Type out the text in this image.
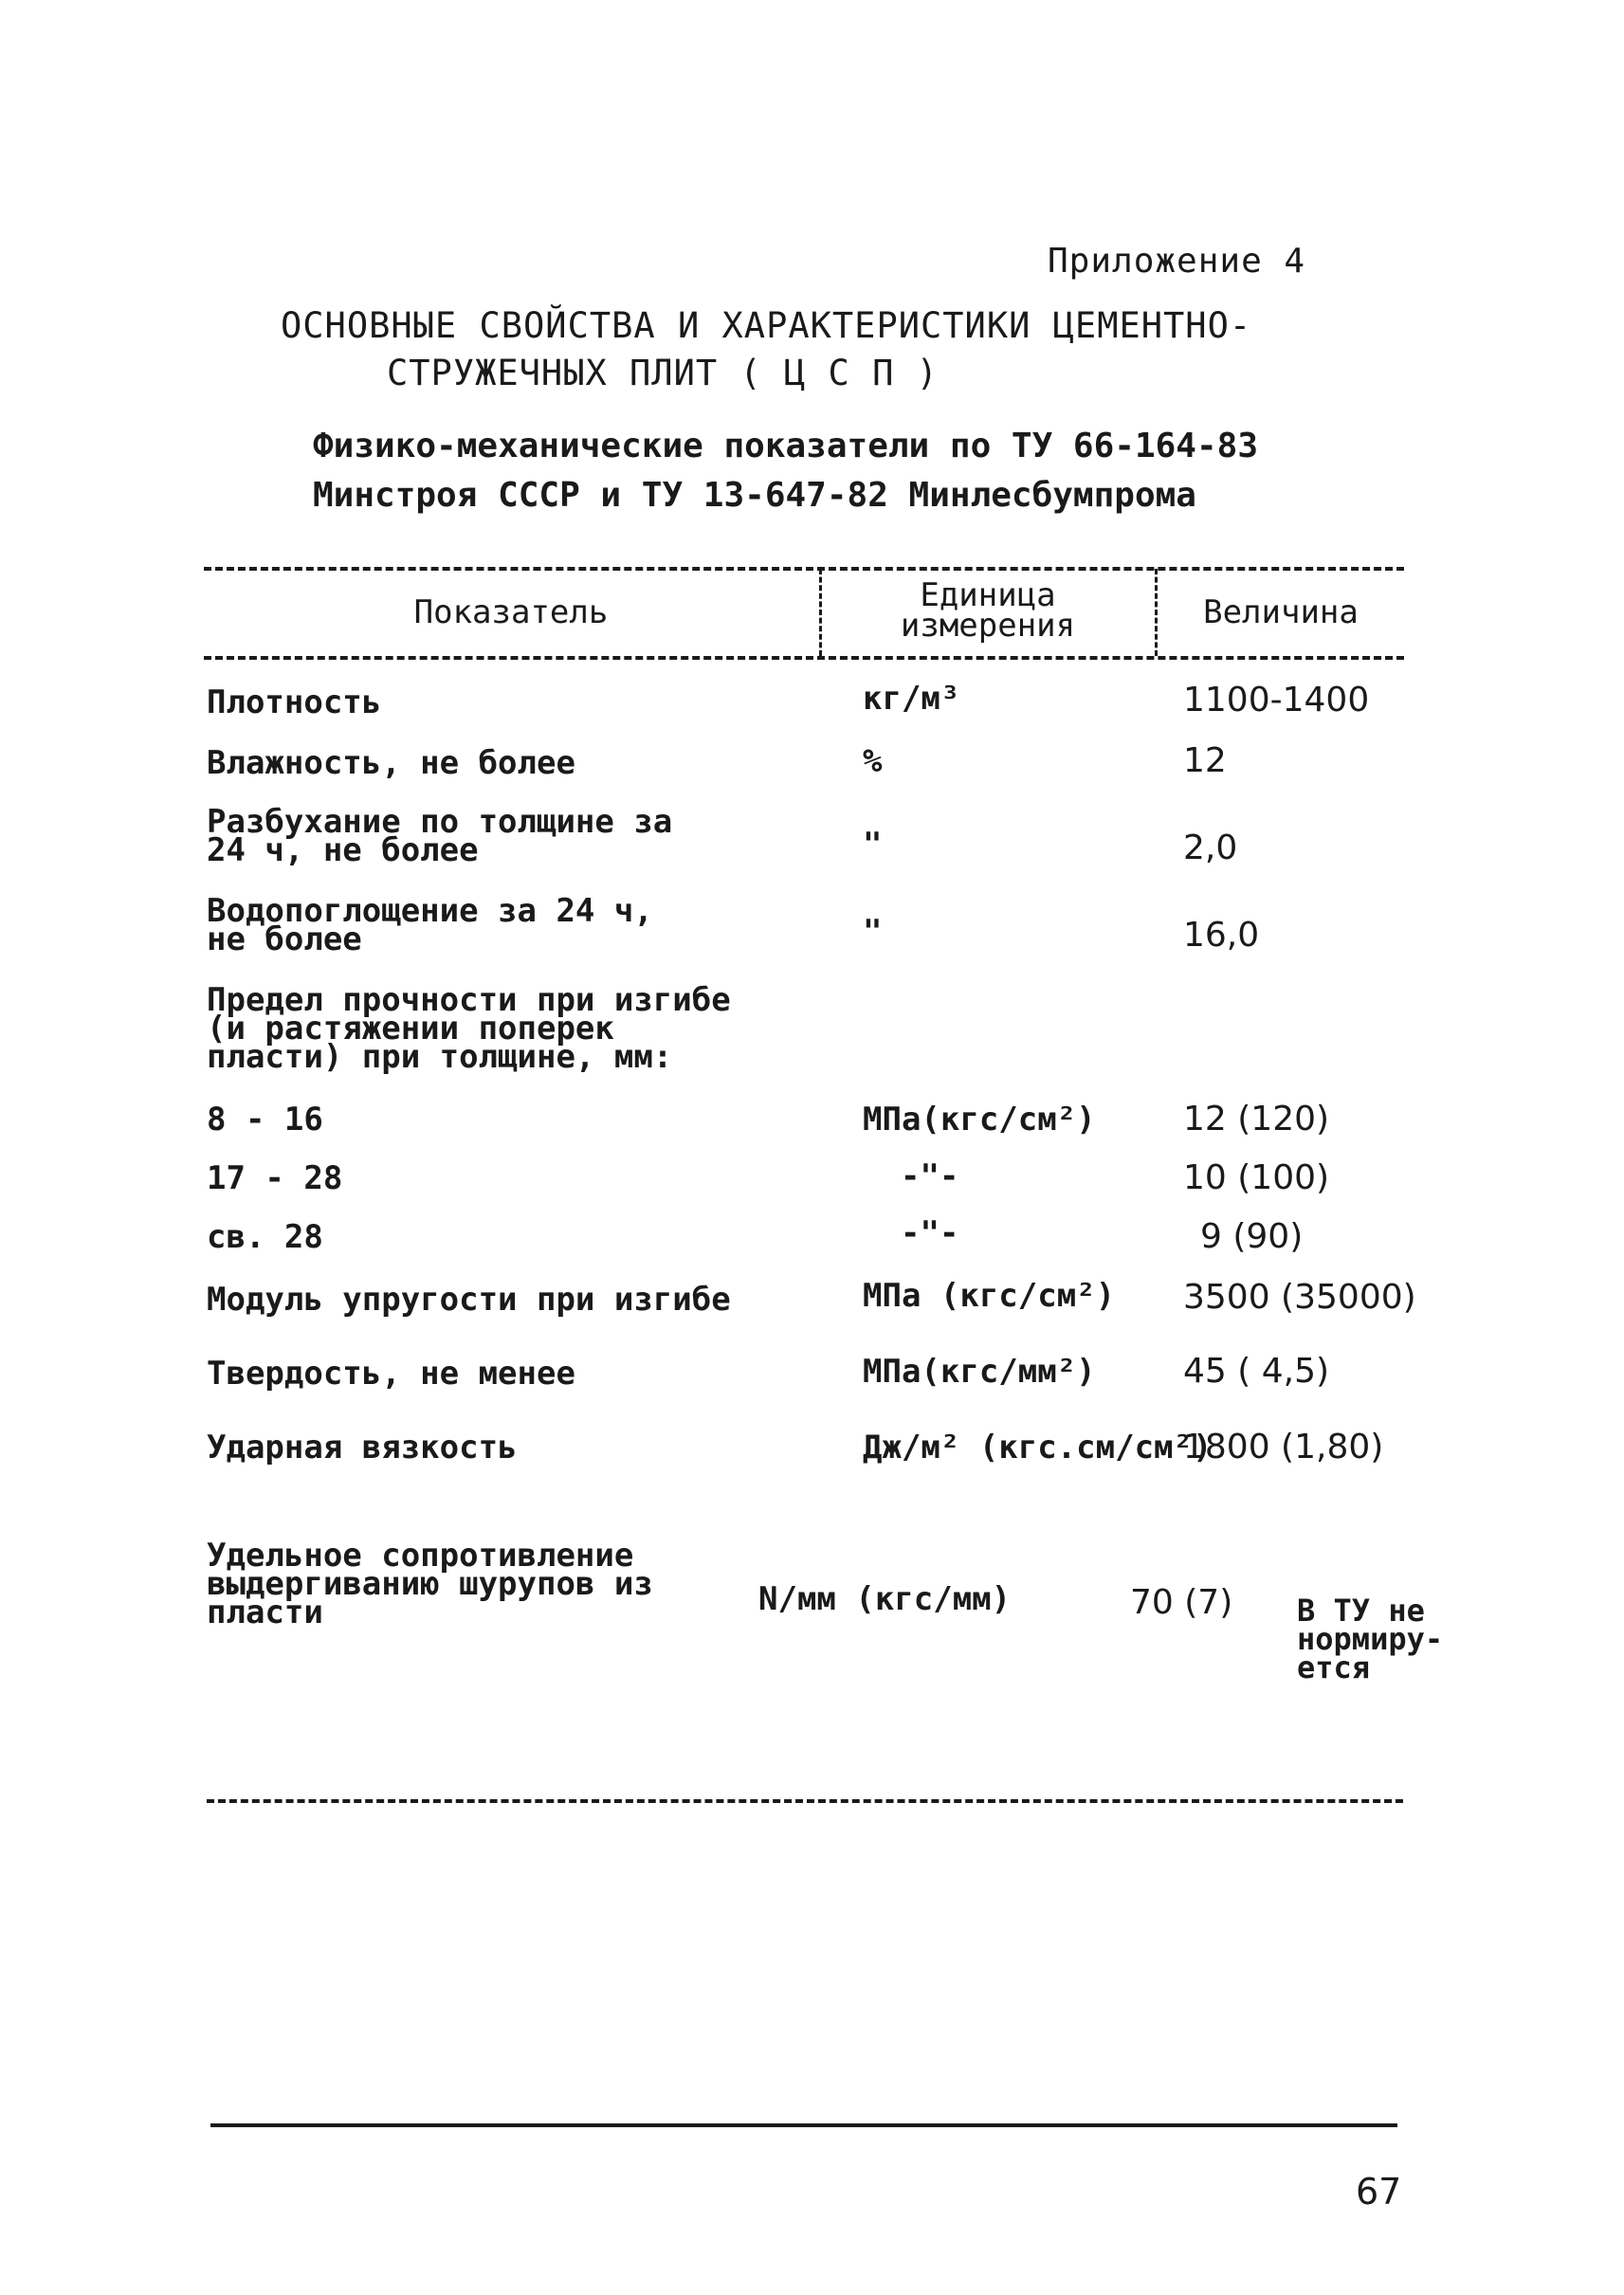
Приложение 4
ОСНОВНЫЕ СВОЙСТВА И ХАРАКТЕРИСТИКИ ЦЕМЕНТНО-
СТРУЖЕЧНЫХ ПЛИТ ( Ц С П )
Физико-механические показатели по ТУ 66-164-83
Минстроя СССР и ТУ 13-647-82 Минлесбумпрома
Показатель	Единица
измерения	Величина
Плотность	кг/м³	1100-1400
Влажность, не более	%	12
Разбухание по толщине за
24 ч, не более	"	2,0
Водопоглощение за 24 ч,
не более	"	16,0
Предел прочности при изгибе
(и растяжении поперек
пласти) при толщине, мм:
8 - 16	МПа(кгс/см²)	12 (120)
17 - 28	-"-	10 (100)
св. 28	-"-	9 (90)
Модуль упругости при изгибе	МПа (кгс/см²) 3500 (35000)
Твердость, не менее	МПа(кгс/мм²)	45 ( 4,5)
Ударная вязкость	Дж/м² (кгс.см/см²)
1800 (1,80)
Удельное сопротивление
выдергиванию шурупов из
пласти	N/мм (кгс/мм)	70 (7) В ТУ не
нормиру-
ется
67
